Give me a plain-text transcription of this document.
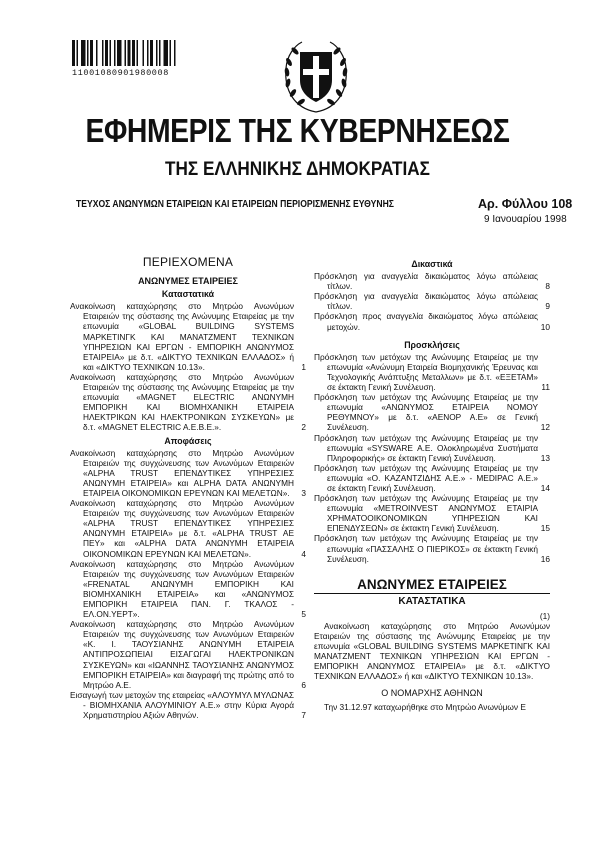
11001080901980008
ΕΦΗΜΕΡΙΣ ΤΗΣ ΚΥΒΕΡΝΗΣΕΩΣ
ΤΗΣ ΕΛΛΗΝΙΚΗΣ ΔΗΜΟΚΡΑΤΙΑΣ
ΤΕΥΧΟΣ ΑΝΩΝΥΜΩΝ ΕΤΑΙΡΕΙΩΝ ΚΑΙ ΕΤΑΙΡΕΙΩΝ ΠΕΡΙΟΡΙΣΜΕΝΗΣ ΕΥΘΥΝΗΣ	Αρ. Φύλλου 108
9 Ιανουαρίου 1998
ΠΕΡΙΕΧΟΜΕΝΑ
ΑΝΩΝΥΜΕΣ ΕΤΑΙΡΕΙΕΣ
Καταστατικά
Ανακοίνωση καταχώρησης στο Μητρώο Ανωνύμων Εταιρειών της σύστασης της Ανώνυμης Εταιρείας με την επωνυμία «GLOBAL BUILDING SYSTEMS ΜΑΡΚΕΤΙΝΓΚ ΚΑΙ ΜΑΝΑΤΖΜΕΝΤ ΤΕΧΝΙΚΩΝ ΥΠΗΡΕΣΙΩΝ ΚΑΙ ΕΡΓΩΝ - ΕΜΠΟΡΙΚΗ ΑΝΩΝΥΜΟΣ ΕΤΑΙΡΕΙΑ» με δ.τ. «ΔΙΚΤΥΟ ΤΕΧΝΙΚΩΝ ΕΛΛΑΔΟΣ» ή και «ΔΙΚΤΥΟ ΤΕΧΝΙΚΩΝ 10.13».	1
Ανακοίνωση καταχώρησης στο Μητρώο Ανωνύμων Εταιρειών της σύστασης της Ανώνυμης Εταιρείας με την επωνυμία «MAGNET ELECTRIC ΑΝΩΝΥΜΗ ΕΜΠΟΡΙΚΗ ΚΑΙ ΒΙΟΜΗΧΑΝΙΚΗ ΕΤΑΙΡΕΙΑ ΗΛΕΚΤΡΙΚΩΝ ΚΑΙ ΗΛΕΚΤΡΟΝΙΚΩΝ ΣΥΣΚΕΥΩΝ» με δ.τ. «MAGNET ELECTRIC A.E.B.E.».	2
Αποφάσεις
Ανακοίνωση καταχώρησης στο Μητρώο Ανωνύμων Εταιρειών της συγχώνευσης των Ανωνύμων Εταιρειών «ALPHA TRUST ΕΠΕΝΔΥΤΙΚΕΣ ΥΠΗΡΕΣΙΕΣ ΑΝΩΝΥΜΗ ΕΤΑΙΡΕΙΑ» και ALPHA DATA ΑΝΩΝΥΜΗ ΕΤΑΙΡΕΙΑ ΟΙΚΟΝΟΜΙΚΩΝ ΕΡΕΥΝΩΝ ΚΑΙ ΜΕΛΕΤΩΝ». 3
Ανακοίνωση καταχώρησης στο Μητρώο Ανωνύμων Εταιρειών της συγχώνευσης των Ανωνύμων Εταιρειών «ALPHA TRUST ΕΠΕΝΔΥΤΙΚΕΣ ΥΠΗΡΕΣΙΕΣ ΑΝΩΝΥΜΗ ΕΤΑΙΡΕΙΑ» με δ.τ. «ALPHA TRUST AE ΠΕΥ» και «ALPHA DATA ΑΝΩΝΥΜΗ ΕΤΑΙΡΕΙΑ ΟΙΚΟΝΟΜΙΚΩΝ ΕΡΕΥΝΩΝ ΚΑΙ ΜΕΛΕΤΩΝ».	4
Ανακοίνωση καταχώρησης στο Μητρώο Ανωνύμων Εταιρειών της συγχώνευσης των Ανωνύμων Εταιρειών «FRENATAL ΑΝΩΝΥΜΗ ΕΜΠΟΡΙΚΗ ΚΑΙ ΒΙΟΜΗΧΑΝΙΚΗ ΕΤΑΙΡΕΙΑ» και «ΑΝΩΝΥΜΟΣ ΕΜΠΟΡΙΚΗ ΕΤΑΙΡΕΙΑ ΠΑΝ. Γ. ΤΚΑΛΟΣ - ΕΛ.ΟΝ.ΥΕΡΤ».	5
Ανακοίνωση καταχώρησης στο Μητρώο Ανωνύμων Εταιρειών της συγχώνευσης των Ανωνύμων Εταιρειών «Κ. Ι. ΤΑΟΥΣΙΑΝΗΣ ΑΝΩΝΥΜΗ ΕΤΑΙΡΕΙΑ ΑΝΤΙΠΡΟΣΩΠΕΙΑΙ ΕΙΣΑΓΩΓΑΙ ΗΛΕΚΤΡΟΝΙΚΩΝ ΣΥΣΚΕΥΩΝ» και «ΙΩΑΝΝΗΣ ΤΑΟΥΣΙΑΝΗΣ ΑΝΩΝΥΜΟΣ ΕΜΠΟΡΙΚΗ ΕΤΑΙΡΕΙΑ» και διαγραφή της πρώτης από το Μητρώο Α.Ε.	6
Εισαγωγή των μετοχών της εταιρείας «ΑΛΟΥΜΥΛ ΜΥΛΩΝΑΣ - ΒΙΟΜΗΧΑΝΙΑ ΑΛΟΥΜΙΝΙΟΥ Α.Ε.» στην Κύρια Αγορά Χρηματιστηρίου Αξιών Αθηνών.	7
Δικαστικά
Πρόσκληση για αναγγελία δικαιώματος λόγω απώλειας τίτλων.	8
Πρόσκληση για αναγγελία δικαιώματος λόγω απώλειας τίτλων.	9
Πρόσκληση προς αναγγελία δικαιώματος λόγω απώλειας μετοχών.	10
Προσκλήσεις
Πρόσκληση των μετόχων της Ανώνυμης Εταιρείας με την επωνυμία «Ανώνυμη Εταιρεία Βιομηχανικής Έρευνας και Τεχνολογικής Ανάπτυξης Μεταλλων» με δ.τ. «ΕΞΕΤΑΜ» σε έκτακτη Γενική Συνέλευση.	11
Πρόσκληση των μετόχων της Ανώνυμης Εταιρείας με την επωνυμία «ΑΝΩΝΥΜΟΣ ΕΤΑΙΡΕΙΑ ΝΟΜΟΥ ΡΕΘΥΜΝΟΥ» με δ.τ. «ΑΕΝΟΡ Α.Ε» σε Γενική Συνέλευση.	12
Πρόσκληση των μετόχων της Ανώνυμης Εταιρείας με την επωνυμία «SYSWARE Α.Ε. Ολοκληρωμένα Συστήματα Πληροφορικής» σε έκτακτη Γενική Συνέλευση.	13
Πρόσκληση των μετόχων της Ανώνυμης Εταιρείας με την επωνυμία «Ο. ΚΑΖΑΝΤΖΙΔΗΣ Α.Ε.» - MEDIPAC Α.Ε.» σε έκτακτη Γενική Συνέλευση.	14
Πρόσκληση των μετόχων της Ανώνυμης Εταιρείας με την επωνυμία «METROINVEST ΑΝΩΝΥΜΟΣ ΕΤΑΙΡΙΑ ΧΡΗΜΑΤΟΟΙΚΟΝΟΜΙΚΩΝ ΥΠΗΡΕΣΙΩΝ ΚΑΙ ΕΠΕΝΔΥΣΕΩΝ» σε έκτακτη Γενική Συνέλευση.	15
Πρόσκληση των μετόχων της Ανώνυμης Εταιρείας με την επωνυμία «ΠΑΣΣΑΛΗΣ Ο ΠΙΕΡΙΚΟΣ» σε έκτακτη Γενική Συνέλευση.	16
ΑΝΩΝΥΜΕΣ ΕΤΑΙΡΕΙΕΣ
ΚΑΤΑΣΤΑΤΙΚΑ
(1)
Ανακοίνωση καταχώρησης στο Μητρώο Ανωνύμων Εταιρειών της σύστασης της Ανώνυμης Εταιρείας με την επωνυμία «GLOBAL BUILDING SYSTEMS ΜΑΡΚΕΤΙΝΓΚ ΚΑΙ ΜΑΝΑΤΖΜΕΝΤ ΤΕΧΝΙΚΩΝ ΥΠΗΡΕΣΙΩΝ ΚΑΙ ΕΡΓΩΝ - ΕΜΠΟΡΙΚΗ ΑΝΩΝΥΜΟΣ ΕΤΑΙΡΕΙΑ» με δ.τ. «ΔΙΚΤΥΟ ΤΕΧΝΙΚΩΝ ΕΛΛΑΔΟΣ» ή και «ΔΙΚΤΥΟ ΤΕΧΝΙΚΩΝ 10.13».
Ο ΝΟΜΑΡΧΗΣ ΑΘΗΝΩΝ
Την 31.12.97 καταχωρήθηκε στο Μητρώο Ανωνύμων Ε
